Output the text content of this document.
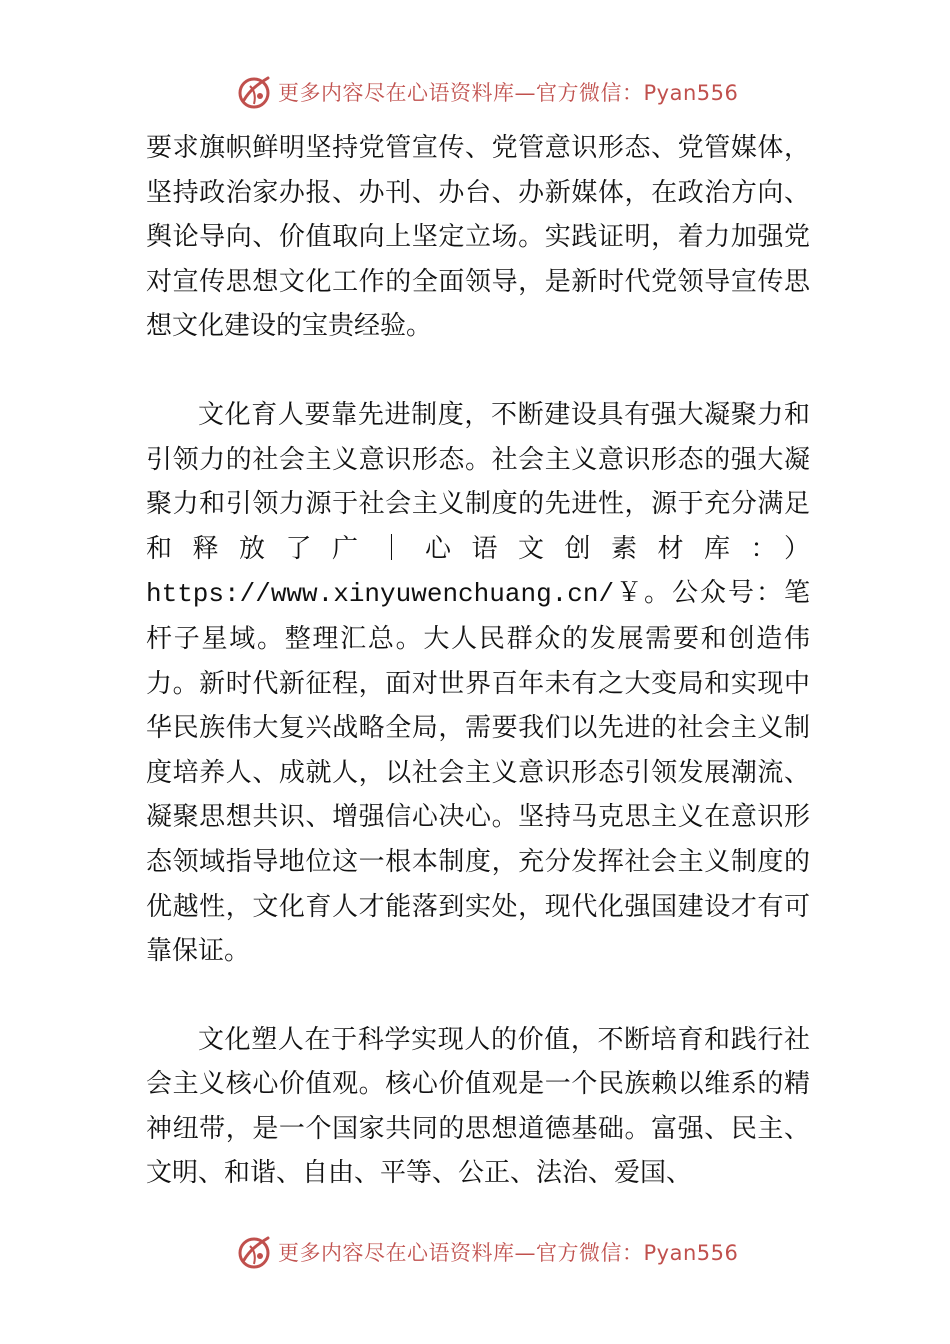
更多内容尽在心语资料库—官方微信：Pyan556

要求旗帜鲜明坚持党管宣传、党管意识形态、党管媒体，坚持政治家办报、办刊、办台、办新媒体，在政治方向、舆论导向、价值取向上坚定立场。实践证明，着力加强党对宣传思想文化工作的全面领导，是新时代党领导宣传思想文化建设的宝贵经验。

文化育人要靠先进制度，不断建设具有强大凝聚力和引领力的社会主义意识形态。社会主义意识形态的强大凝聚力和引领力源于社会主义制度的先进性，源于充分满足和释放了广｜心语文创素材库：）https://www.xinyuwenchuang.cn/￥。公众号：笔杆子星域。整理汇总。大人民群众的发展需要和创造伟力。新时代新征程，面对世界百年未有之大变局和实现中华民族伟大复兴战略全局，需要我们以先进的社会主义制度培养人、成就人，以社会主义意识形态引领发展潮流、凝聚思想共识、增强信心决心。坚持马克思主义在意识形态领域指导地位这一根本制度，充分发挥社会主义制度的优越性，文化育人才能落到实处，现代化强国建设才有可靠保证。

文化塑人在于科学实现人的价值，不断培育和践行社会主义核心价值观。核心价值观是一个民族赖以维系的精神纽带，是一个国家共同的思想道德基础。富强、民主、文明、和谐、自由、平等、公正、法治、爱国、

更多内容尽在心语资料库—官方微信：Pyan556
